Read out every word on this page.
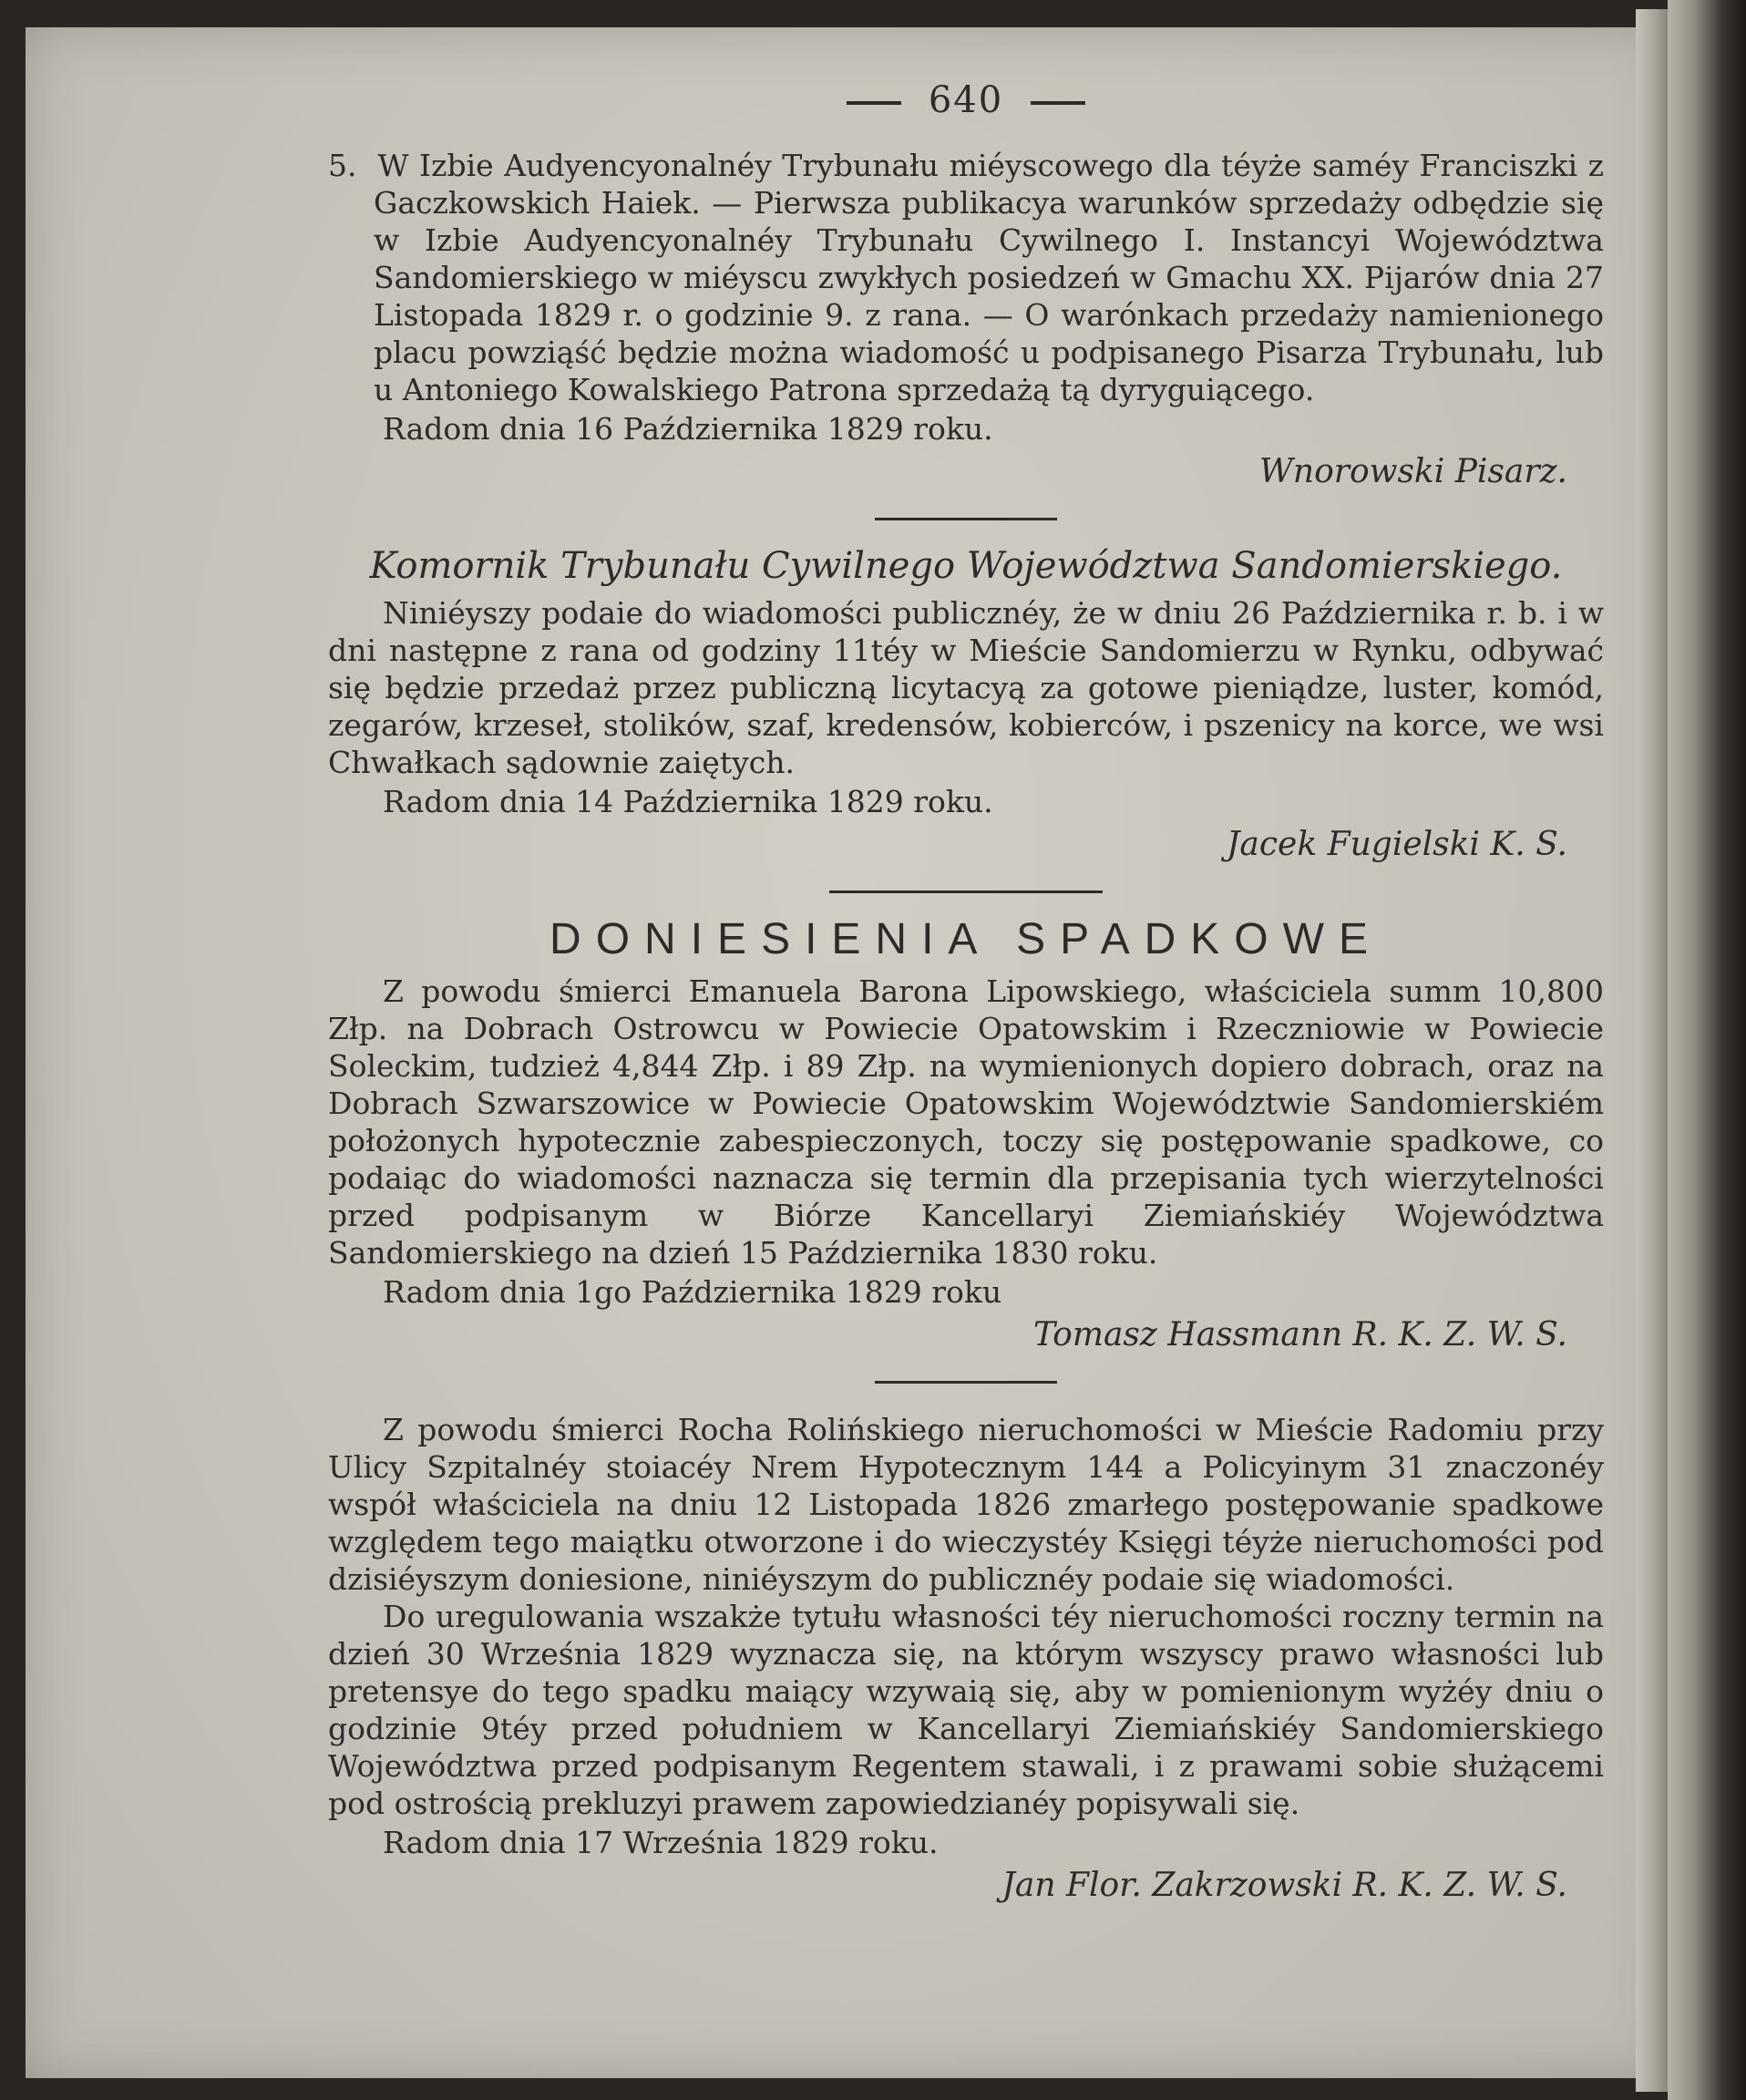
640

5. W Izbie Audyencyonalnéy Trybunału miéyscowego dla téyże saméy Franciszki z Gaczkowskich Haiek. — Pierwsza publikacya warunków sprzedaży odbędzie się w Izbie Audyencyonalnéy Trybunału Cywilnego I. Instancyi Województwa Sandomierskiego w miéyscu zwykłych posiedzeń w Gmachu XX. Pijarów dnia 27 Listopada 1829 r. o godzinie 9. z rana. — O warónkach przedaży namienionego placu powziąść będzie można wiadomość u podpisanego Pisarza Trybunału, lub u Antoniego Kowalskiego Patrona sprzedażą tą dyryguiącego.

Radom dnia 16 Października 1829 roku.

Wnorowski Pisarz.

Komornik Trybunału Cywilnego Województwa Sandomierskiego.

Niniéyszy podaie do wiadomości publicznéy, że w dniu 26 Października r. b. i w dni następne z rana od godziny 11téy w Mieście Sandomierzu w Rynku, odbywać się będzie przedaż przez publiczną licytacyą za gotowe pieniądze, luster, komód, zegarów, krzeseł, stolików, szaf, kredensów, kobierców, i pszenicy na korce, we wsi Chwałkach sądownie zaiętych.

Radom dnia 14 Października 1829 roku.

Jacek Fugielski K. S.

DONIESIENIA SPADKOWE

Z powodu śmierci Emanuela Barona Lipowskiego, właściciela summ 10,800 Złp. na Dobrach Ostrowcu w Powiecie Opatowskim i Rzeczniowie w Powiecie Soleckim, tudzież 4,844 Złp. i 89 Złp. na wymienionych dopiero dobrach, oraz na Dobrach Szwarszowice w Powiecie Opatowskim Województwie Sandomierskiém położonych hypotecznie zabespieczonych, toczy się postępowanie spadkowe, co podaiąc do wiadomości naznacza się termin dla przepisania tych wierzytelności przed podpisanym w Biórze Kancellaryi Ziemiańskiéy Województwa Sandomierskiego na dzień 15 Października 1830 roku.

Radom dnia 1go Października 1829 roku

Tomasz Hassmann R. K. Z. W. S.

Z powodu śmierci Rocha Rolińskiego nieruchomości w Mieście Radomiu przy Ulicy Szpitalnéy stoiacéy Nrem Hypotecznym 144 a Policyinym 31 znaczonéy współ właściciela na dniu 12 Listopada 1826 zmarłego postępowanie spadkowe względem tego maiątku otworzone i do wieczystéy Księgi téyże nieruchomości pod dzisiéyszym doniesione, niniéyszym do publicznéy podaie się wiadomości.

Do uregulowania wszakże tytułu własności téy nieruchomości roczny termin na dzień 30 Września 1829 wyznacza się, na którym wszyscy prawo własności lub pretensye do tego spadku maiący wzywaią się, aby w pomienionym wyżéy dniu o godzinie 9téy przed południem w Kancellaryi Ziemiańskiéy Sandomierskiego Województwa przed podpisanym Regentem stawali, i z prawami sobie służącemi pod ostrością prekluzyi prawem zapowiedzianéy popisywali się.

Radom dnia 17 Września 1829 roku.

Jan Flor. Zakrzowski R. K. Z. W. S.
